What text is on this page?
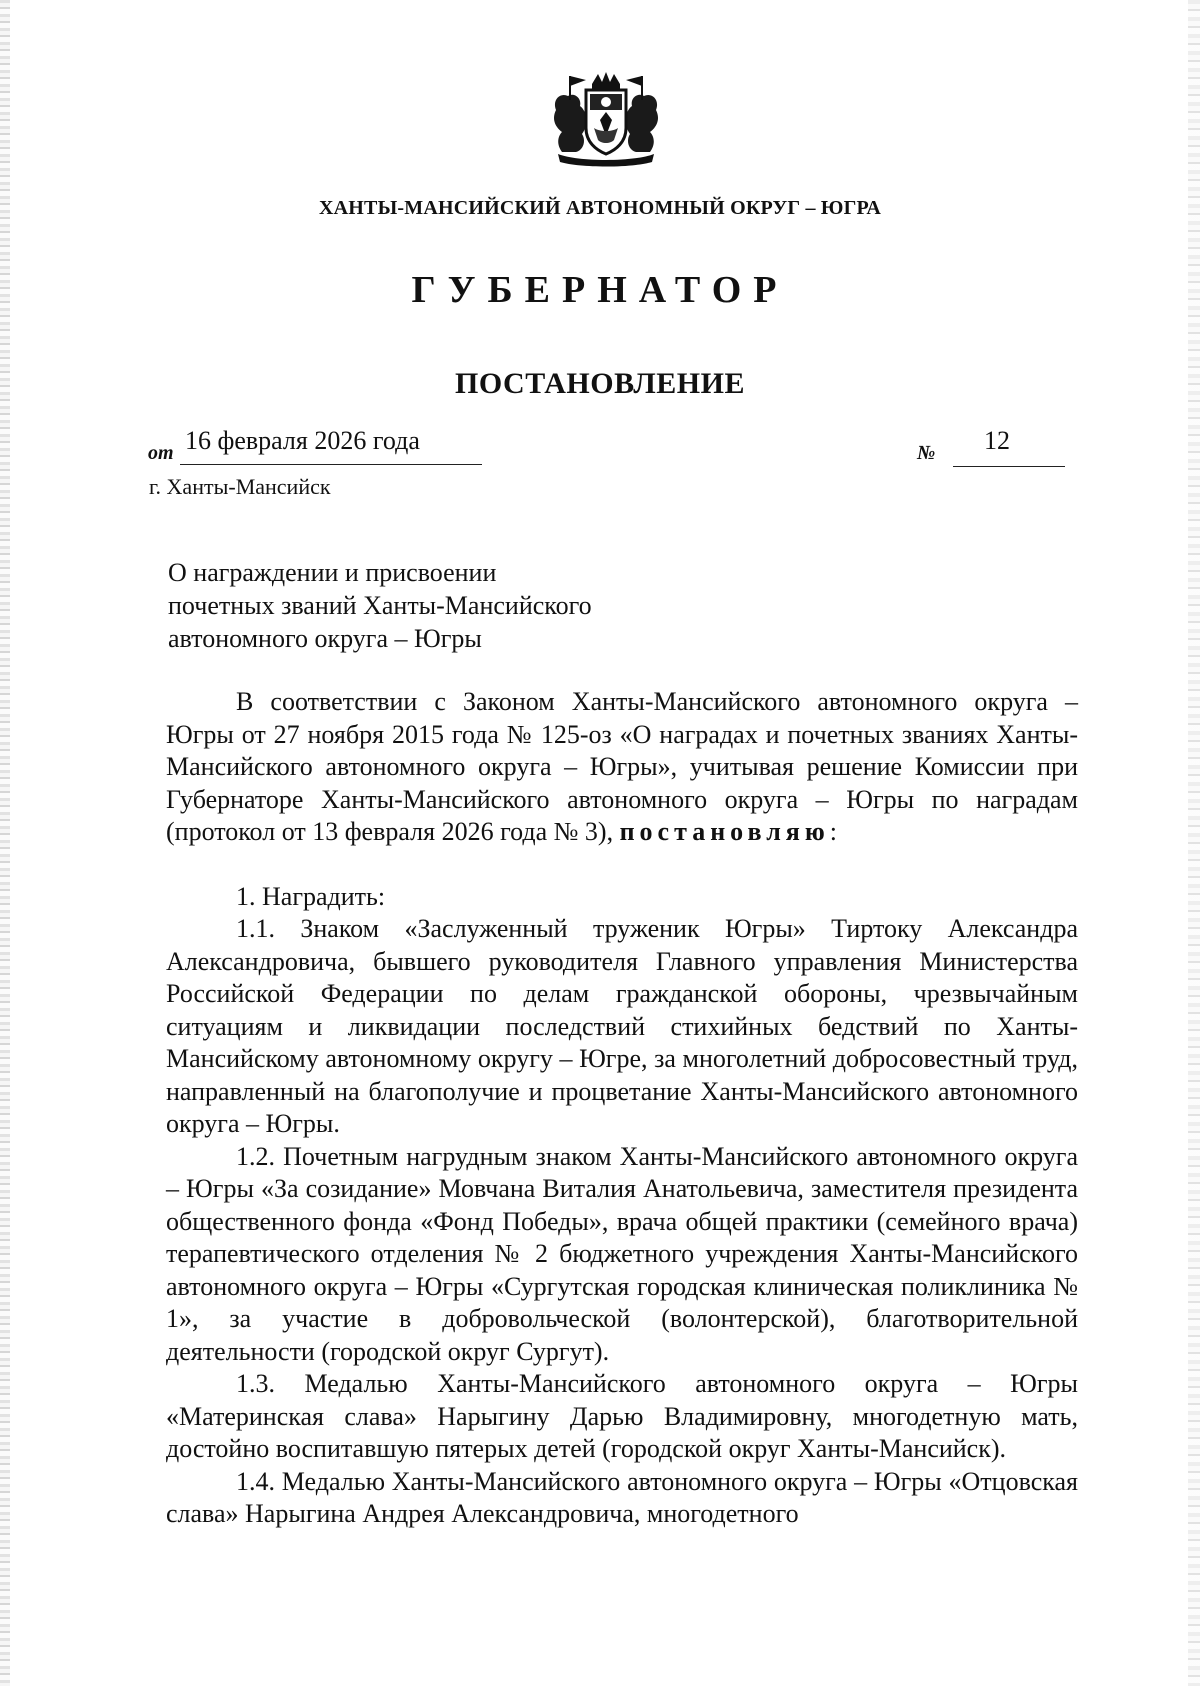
ХАНТЫ-МАНСИЙСКИЙ АВТОНОМНЫЙ ОКРУГ – ЮГРА
ГУБЕРНАТОР
ПОСТАНОВЛЕНИЕ
от 16 февраля 2026 года	№ 12
г. Ханты-Мансийск
О награждении и присвоении
почетных званий Ханты-Мансийского
автономного округа – Югры
В соответствии с Законом Ханты-Мансийского автономного округа – Югры от 27 ноября 2015 года № 125-оз «О наградах и почетных званиях Ханты-Мансийского автономного округа – Югры», учитывая решение Комиссии при Губернаторе Ханты-Мансийского автономного округа – Югры по наградам (протокол от 13 февраля 2026 года № 3), постановляю:
1. Наградить:
1.1. Знаком «Заслуженный труженик Югры» Тиртоку Александра Александровича, бывшего руководителя Главного управления Министерства Российской Федерации по делам гражданской обороны, чрезвычайным ситуациям и ликвидации последствий стихийных бедствий по Ханты-Мансийскому автономному округу – Югре, за многолетний добросовестный труд, направленный на благополучие и процветание Ханты-Мансийского автономного округа – Югры.
1.2. Почетным нагрудным знаком Ханты-Мансийского автономного округа – Югры «За созидание» Мовчана Виталия Анатольевича, заместителя президента общественного фонда «Фонд Победы», врача общей практики (семейного врача) терапевтического отделения № 2 бюджетного учреждения Ханты-Мансийского автономного округа – Югры «Сургутская городская клиническая поликлиника № 1», за участие в добровольческой (волонтерской), благотворительной деятельности (городской округ Сургут).
1.3. Медалью Ханты-Мансийского автономного округа – Югры «Материнская слава» Нарыгину Дарью Владимировну, многодетную мать, достойно воспитавшую пятерых детей (городской округ Ханты-Мансийск).
1.4. Медалью Ханты-Мансийского автономного округа – Югры «Отцовская слава» Нарыгина Андрея Александровича, многодетного
